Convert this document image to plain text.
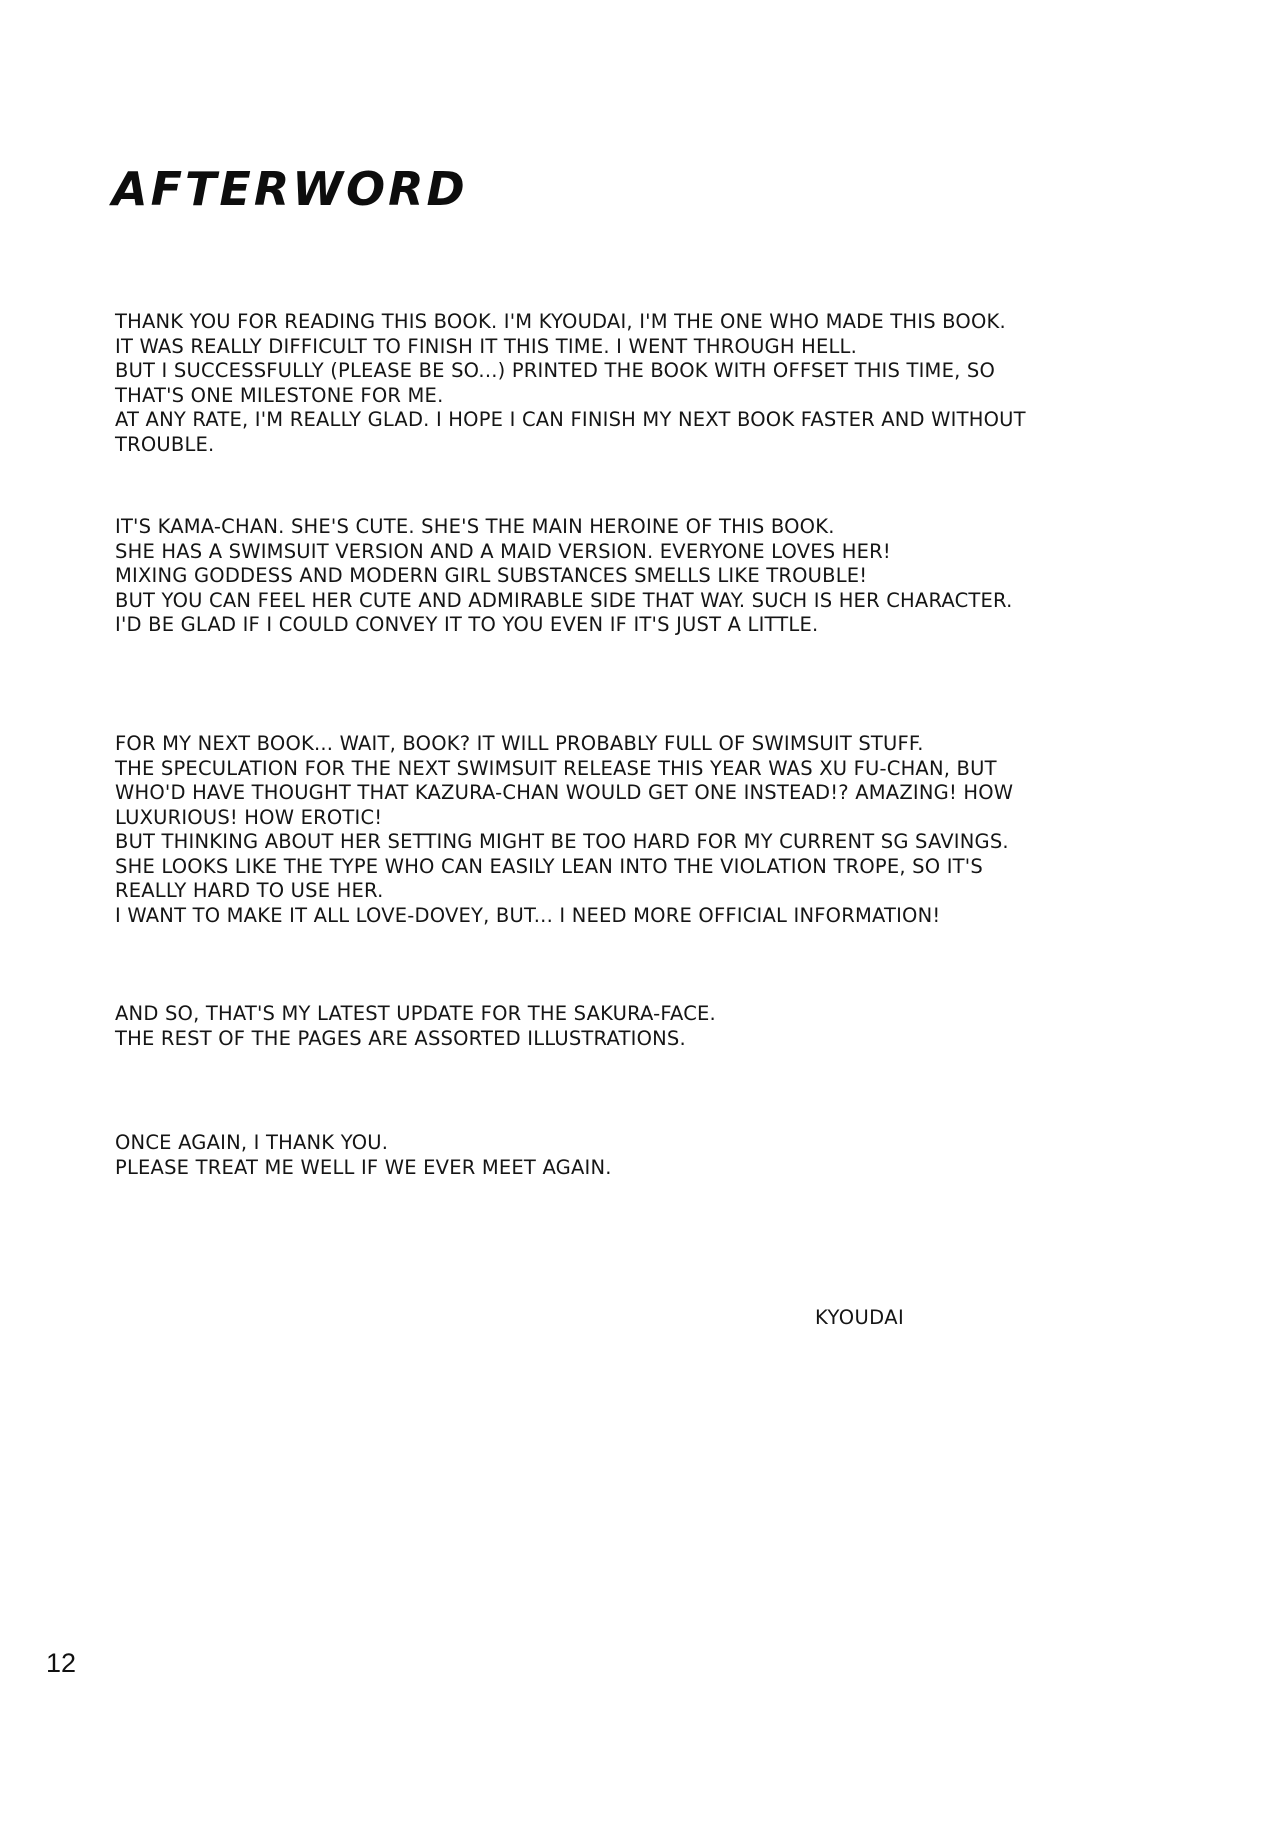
AFTERWORD

THANK YOU FOR READING THIS BOOK. I'M KYOUDAI, I'M THE ONE WHO MADE THIS BOOK.
IT WAS REALLY DIFFICULT TO FINISH IT THIS TIME. I WENT THROUGH HELL.
BUT I SUCCESSFULLY (PLEASE BE SO...) PRINTED THE BOOK WITH OFFSET THIS TIME, SO
THAT'S ONE MILESTONE FOR ME.
AT ANY RATE, I'M REALLY GLAD. I HOPE I CAN FINISH MY NEXT BOOK FASTER AND WITHOUT
TROUBLE.

IT'S KAMA-CHAN. SHE'S CUTE. SHE'S THE MAIN HEROINE OF THIS BOOK.
SHE HAS A SWIMSUIT VERSION AND A MAID VERSION. EVERYONE LOVES HER!
MIXING GODDESS AND MODERN GIRL SUBSTANCES SMELLS LIKE TROUBLE!
BUT YOU CAN FEEL HER CUTE AND ADMIRABLE SIDE THAT WAY. SUCH IS HER CHARACTER.
I'D BE GLAD IF I COULD CONVEY IT TO YOU EVEN IF IT'S JUST A LITTLE.

FOR MY NEXT BOOK... WAIT, BOOK? IT WILL PROBABLY FULL OF SWIMSUIT STUFF.
THE SPECULATION FOR THE NEXT SWIMSUIT RELEASE THIS YEAR WAS XU FU-CHAN, BUT
WHO'D HAVE THOUGHT THAT KAZURA-CHAN WOULD GET ONE INSTEAD!? AMAZING! HOW
LUXURIOUS! HOW EROTIC!
BUT THINKING ABOUT HER SETTING MIGHT BE TOO HARD FOR MY CURRENT SG SAVINGS.
SHE LOOKS LIKE THE TYPE WHO CAN EASILY LEAN INTO THE VIOLATION TROPE, SO IT'S
REALLY HARD TO USE HER.
I WANT TO MAKE IT ALL LOVE-DOVEY, BUT... I NEED MORE OFFICIAL INFORMATION!

AND SO, THAT'S MY LATEST UPDATE FOR THE SAKURA-FACE.
THE REST OF THE PAGES ARE ASSORTED ILLUSTRATIONS.

ONCE AGAIN, I THANK YOU.
PLEASE TREAT ME WELL IF WE EVER MEET AGAIN.

KYOUDAI

12
